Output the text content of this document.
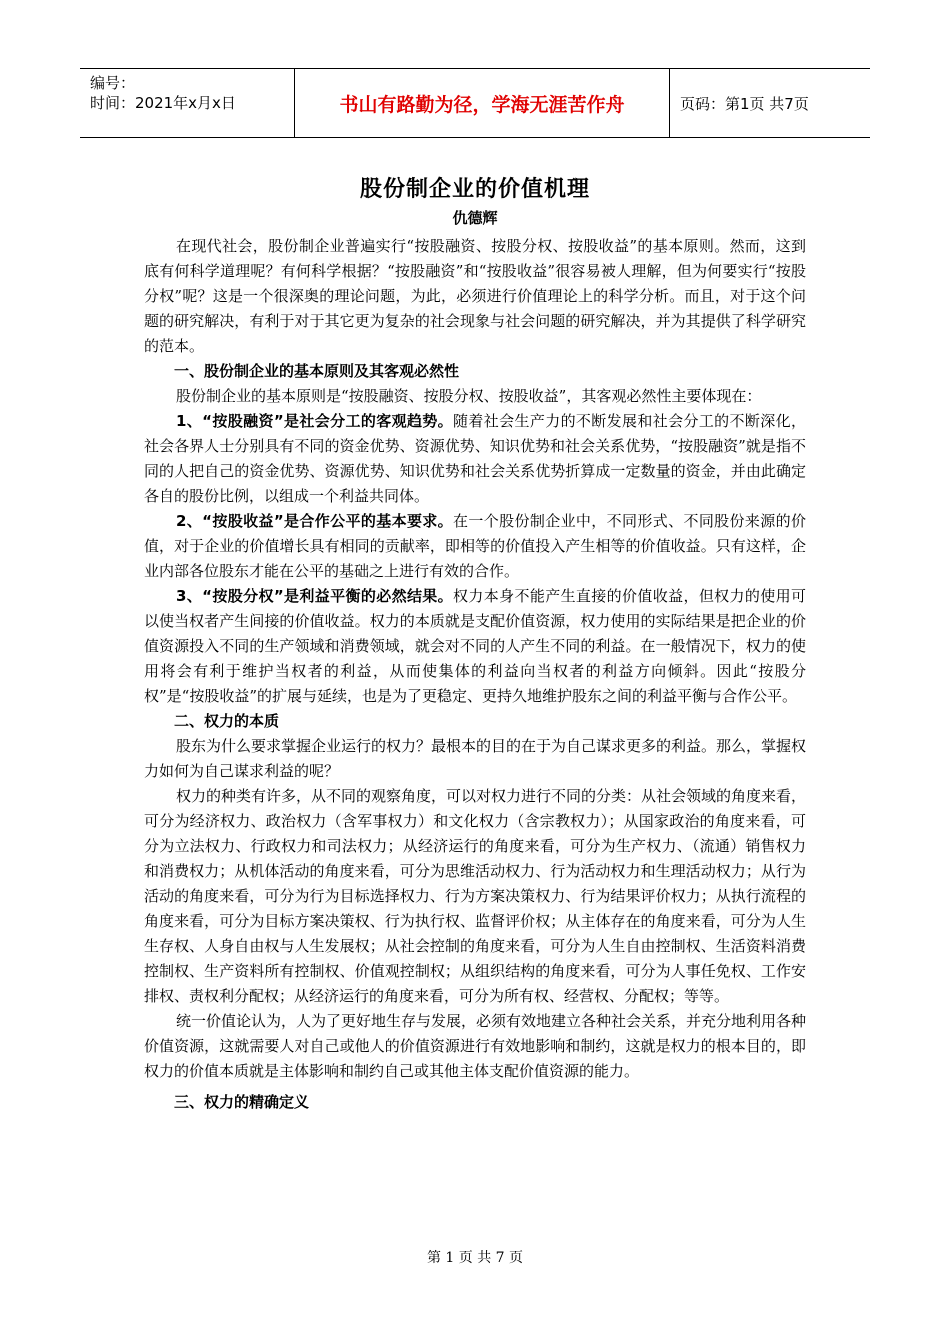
编号：
时间：2021年x月x日	书山有路勤为径，学海无涯苦作舟	页码：第1页 共7页
股份制企业的价值机理
仇德辉

在现代社会，股份制企业普遍实行“按股融资、按股分权、按股收益”的基本原则。然而，这到底有何科学道理呢？有何科学根据？“按股融资”和“按股收益”很容易被人理解，但为何要实行“按股分权”呢？这是一个很深奥的理论问题，为此，必须进行价值理论上的科学分析。而且，对于这个问题的研究解决，有利于对于其它更为复杂的社会现象与社会问题的研究解决，并为其提供了科学研究的范本。

一、股份制企业的基本原则及其客观必然性

股份制企业的基本原则是“按股融资、按股分权、按股收益”，其客观必然性主要体现在：

1、“按股融资”是社会分工的客观趋势。随着社会生产力的不断发展和社会分工的不断深化，社会各界人士分别具有不同的资金优势、资源优势、知识优势和社会关系优势，“按股融资”就是指不同的人把自己的资金优势、资源优势、知识优势和社会关系优势折算成一定数量的资金，并由此确定各自的股份比例，以组成一个利益共同体。

2、“按股收益”是合作公平的基本要求。在一个股份制企业中，不同形式、不同股份来源的价值，对于企业的价值增长具有相同的贡献率，即相等的价值投入产生相等的价值收益。只有这样，企业内部各位股东才能在公平的基础之上进行有效的合作。

3、“按股分权”是利益平衡的必然结果。权力本身不能产生直接的价值收益，但权力的使用可以使当权者产生间接的价值收益。权力的本质就是支配价值资源，权力使用的实际结果是把企业的价值资源投入不同的生产领域和消费领域，就会对不同的人产生不同的利益。在一般情况下，权力的使用将会有利于维护当权者的利益，从而使集体的利益向当权者的利益方向倾斜。因此“按股分权”是“按股收益”的扩展与延续，也是为了更稳定、更持久地维护股东之间的利益平衡与合作公平。

二、权力的本质

股东为什么要求掌握企业运行的权力？最根本的目的在于为自己谋求更多的利益。那么，掌握权力如何为自己谋求利益的呢？

权力的种类有许多，从不同的观察角度，可以对权力进行不同的分类：从社会领域的角度来看，可分为经济权力、政治权力（含军事权力）和文化权力（含宗教权力）；从国家政治的角度来看，可分为立法权力、行政权力和司法权力；从经济运行的角度来看，可分为生产权力、（流通）销售权力和消费权力；从机体活动的角度来看，可分为思维活动权力、行为活动权力和生理活动权力；从行为活动的角度来看，可分为行为目标选择权力、行为方案决策权力、行为结果评价权力；从执行流程的角度来看，可分为目标方案决策权、行为执行权、监督评价权；从主体存在的角度来看，可分为人生生存权、人身自由权与人生发展权；从社会控制的角度来看，可分为人生自由控制权、生活资料消费控制权、生产资料所有控制权、价值观控制权；从组织结构的角度来看，可分为人事任免权、工作安排权、责权利分配权；从经济运行的角度来看，可分为所有权、经营权、分配权；等等。

统一价值论认为，人为了更好地生存与发展，必须有效地建立各种社会关系，并充分地利用各种价值资源，这就需要人对自己或他人的价值资源进行有效地影响和制约，这就是权力的根本目的，即权力的价值本质就是主体影响和制约自己或其他主体支配价值资源的能力。

三、权力的精确定义

第 1 页 共 7 页
